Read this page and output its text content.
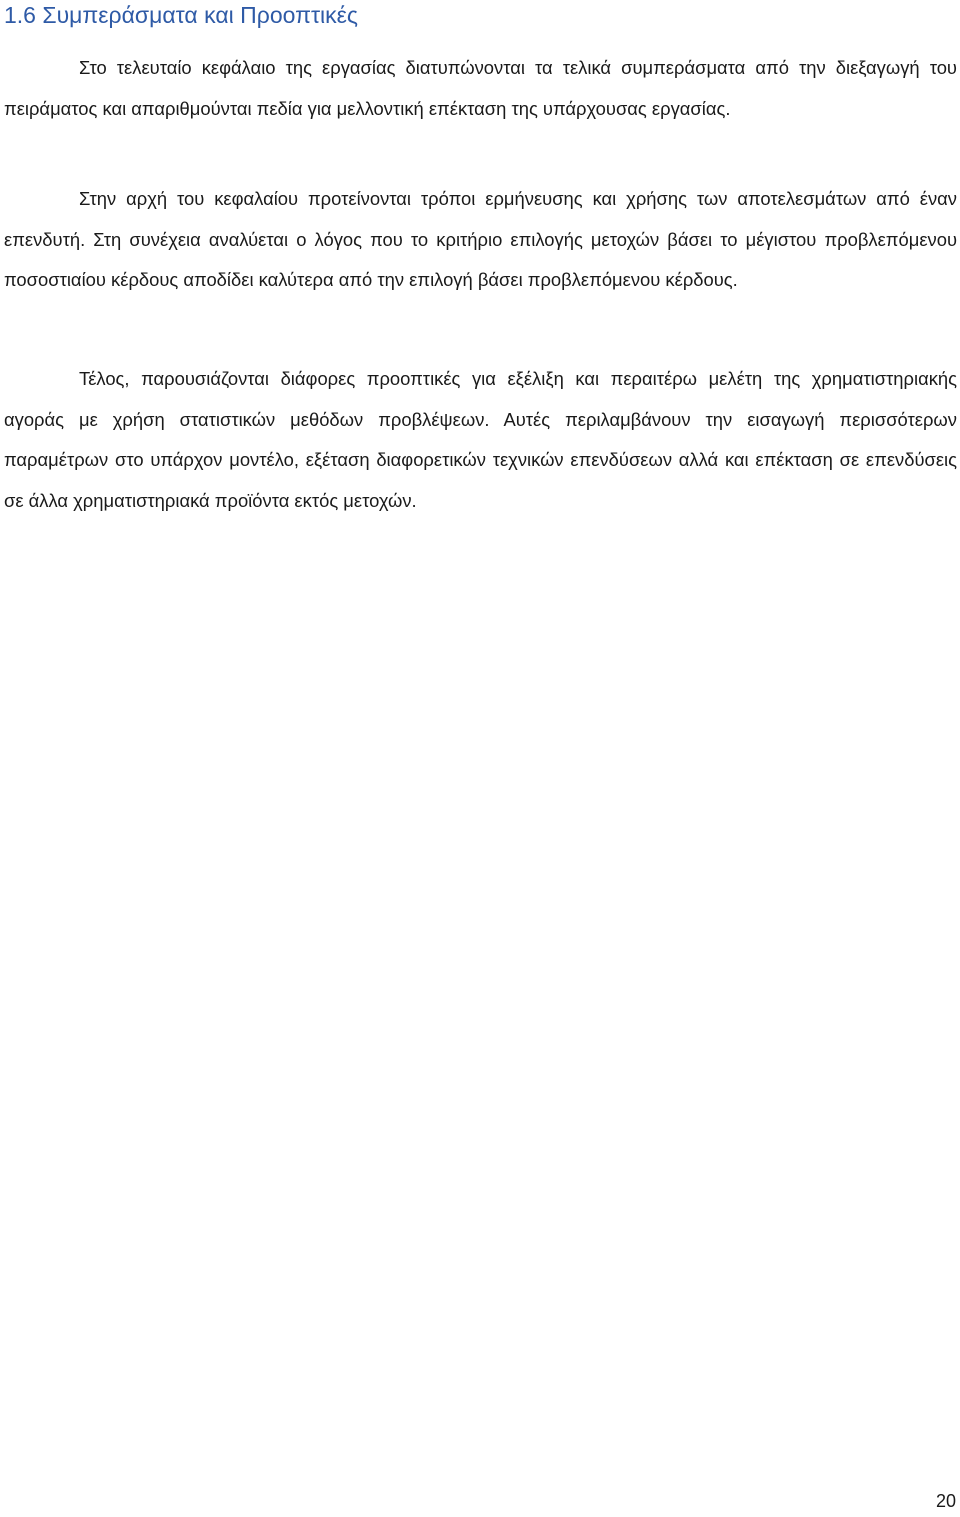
1.6 Συμπεράσματα και Προοπτικές

Στο τελευταίο κεφάλαιο της εργασίας διατυπώνονται τα τελικά συμπεράσματα από την διεξαγωγή του πειράματος και απαριθμούνται πεδία για μελλοντική επέκταση της υπάρχουσας εργασίας.

Στην αρχή του κεφαλαίου προτείνονται τρόποι ερμήνευσης και χρήσης των αποτελεσμάτων από έναν επενδυτή. Στη συνέχεια αναλύεται ο λόγος που το κριτήριο επιλογής μετοχών βάσει το μέγιστου προβλεπόμενου ποσοστιαίου κέρδους αποδίδει καλύτερα από την επιλογή βάσει προβλεπόμενου κέρδους.

Τέλος, παρουσιάζονται διάφορες προοπτικές για εξέλιξη και περαιτέρω μελέτη της χρηματιστηριακής αγοράς με χρήση στατιστικών μεθόδων προβλέψεων. Αυτές περιλαμβάνουν την εισαγωγή περισσότερων παραμέτρων στο υπάρχον μοντέλο, εξέταση διαφορετικών τεχνικών επενδύσεων αλλά και επέκταση σε επενδύσεις σε άλλα χρηματιστηριακά προϊόντα εκτός μετοχών.

20
